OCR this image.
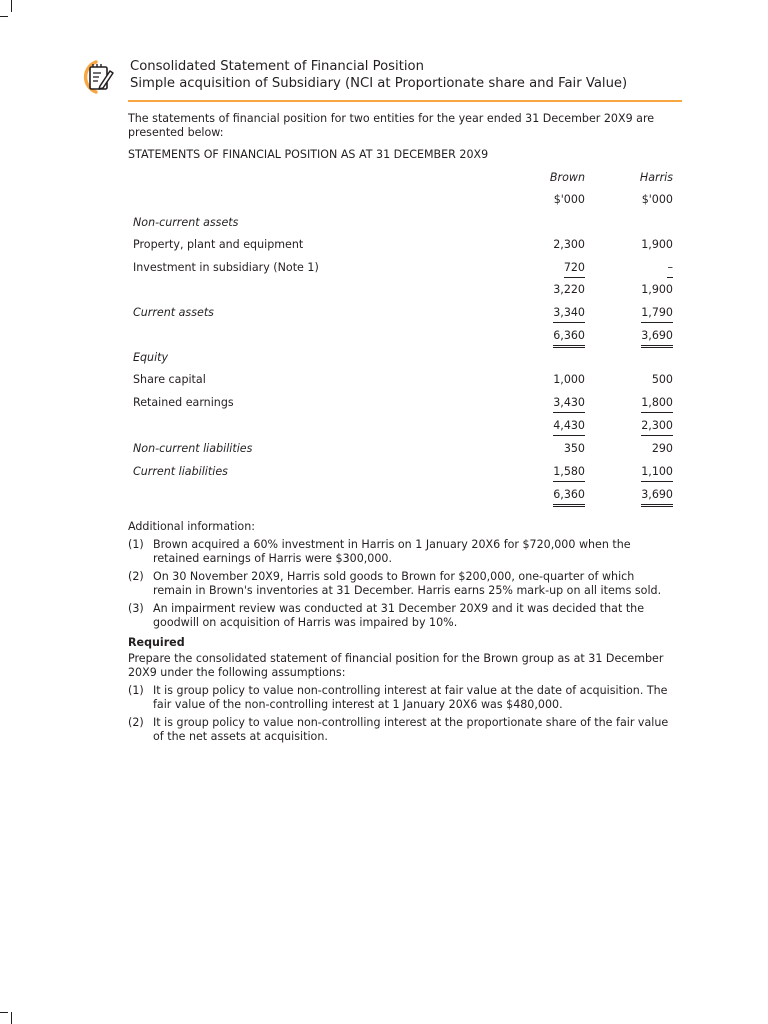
Consolidated Statement of Financial Position
Simple acquisition of Subsidiary (NCI at Proportionate share and Fair Value)

The statements of financial position for two entities for the year ended 31 December 20X9 are presented below:

STATEMENTS OF FINANCIAL POSITION AS AT 31 DECEMBER 20X9

Brown	Harris
$'000	$'000
Non-current assets
Property, plant and equipment	2,300	1,900
Investment in subsidiary (Note 1)	720	–
3,220	1,900
Current assets	3,340	1,790
6,360	3,690
Equity
Share capital	1,000	500
Retained earnings	3,430	1,800
4,430	2,300
Non-current liabilities	350	290
Current liabilities	1,580	1,100
6,360	3,690

Additional information:

(1) Brown acquired a 60% investment in Harris on 1 January 20X6 for $720,000 when the retained earnings of Harris were $300,000.
(2) On 30 November 20X9, Harris sold goods to Brown for $200,000, one-quarter of which remain in Brown's inventories at 31 December. Harris earns 25% mark-up on all items sold.
(3) An impairment review was conducted at 31 December 20X9 and it was decided that the goodwill on acquisition of Harris was impaired by 10%.

Required

Prepare the consolidated statement of financial position for the Brown group as at 31 December 20X9 under the following assumptions:

(1) It is group policy to value non-controlling interest at fair value at the date of acquisition. The fair value of the non-controlling interest at 1 January 20X6 was $480,000.
(2) It is group policy to value non-controlling interest at the proportionate share of the fair value of the net assets at acquisition.
